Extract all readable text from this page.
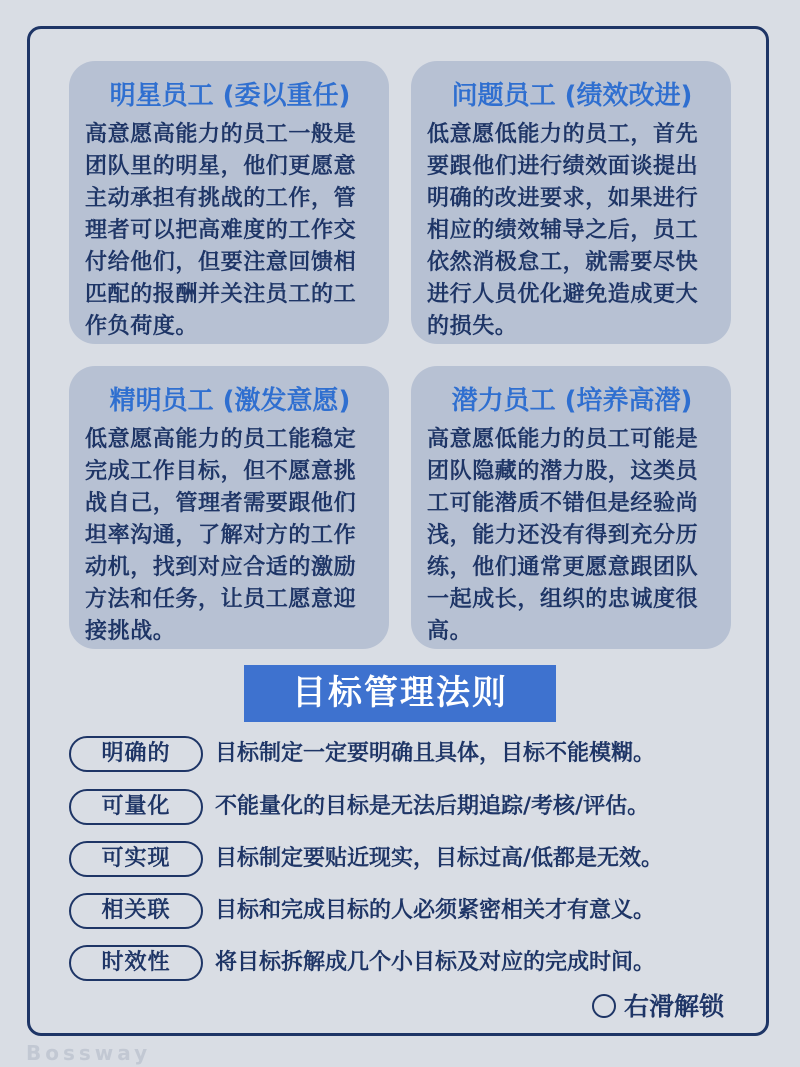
明星员工 (委以重任)
高意愿高能力的员工一般是团队里的明星，他们更愿意主动承担有挑战的工作，管理者可以把高难度的工作交付给他们，但要注意回馈相匹配的报酬并关注员工的工作负荷度。
问题员工 (绩效改进)
低意愿低能力的员工，首先要跟他们进行绩效面谈提出明确的改进要求，如果进行相应的绩效辅导之后，员工依然消极怠工，就需要尽快进行人员优化避免造成更大的损失。
精明员工 (激发意愿)
低意愿高能力的员工能稳定完成工作目标，但不愿意挑战自己，管理者需要跟他们坦率沟通，了解对方的工作动机，找到对应合适的激励方法和任务，让员工愿意迎接挑战。
潜力员工 (培养高潜)
高意愿低能力的员工可能是团队隐藏的潜力股，这类员工可能潜质不错但是经验尚浅，能力还没有得到充分历练，他们通常更愿意跟团队一起成长，组织的忠诚度很高。
目标管理法则
明确的	目标制定一定要明确且具体，目标不能模糊。
可量化	不能量化的目标是无法后期追踪/考核/评估。
可实现	目标制定要贴近现实，目标过高/低都是无效。
相关联	目标和完成目标的人必须紧密相关才有意义。
时效性	将目标拆解成几个小目标及对应的完成时间。
右滑解锁
Bossway
